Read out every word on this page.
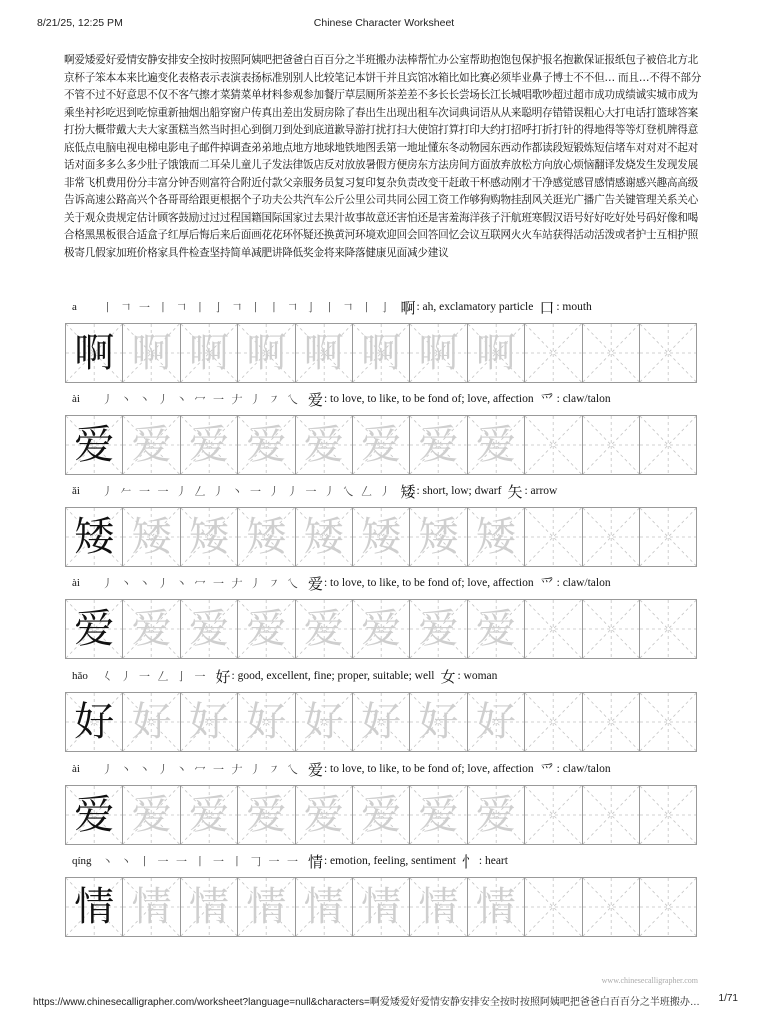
8/21/25, 12:25 PM	Chinese Character Worksheet
啊爱矮爱好爱情安静安排安全按时按照阿姨吧把爸爸白百百分之半班搬办法棒帮忙办公室帮助抱饱包保护报名抱歉保证报纸包子被倍北方北京杯子笨本本来比遍变化表格表示表演表扬标准别别人比较笔记本饼干并且宾馆冰箱比如比赛必须毕业鼻子博士不不但… 而且…不得不部分不管不过不好意思不仅不客气擦才菜猜菜单材料参观参加餐厅草层厕所茶差差不多长长尝场长江长城唱歌吵超过超市成功成绩诚实城市成为乘坐衬衫吃迟到吃惊重新抽烟出船穿窗户传真出差出发厨房除了春出生出现出租车次词典词语从从来聪明存错错误粗心大打电话打篮球答案打扮大概带戴大夫大家蛋糕当然当时担心到倒刀到处到底道歉导游打扰打扫大使馆打算打印大约打招呼打折打针的得地得等等灯登机牌得意底低点电脑电视电梯电影电子邮件掉调查弟弟地点地方地球地铁地图丢第一地址懂东冬动物园东西动作都读段短锻炼短信堵车对对对不起对话对面多多么多少肚子饿饿而二耳朵儿童儿子发法律饭店反对放放暑假方便房东方法房间方面放弃放松方向放心烦恼翻译发烧发生发现发展非常飞机费用份分丰富分钟否则富符合附近付款父亲服务员复习复印复杂负责改变干赶敢干杯感动刚才干净感觉感冒感情感谢感兴趣高高级告诉高速公路高兴个各哥哥给跟更根据个子功夫公共汽车公斤公里公司共同公园工资工作够狗购物挂刮风关逛光广播广告关键管理关系关心关于观众贵规定估计顾客鼓励过过过程国籍国际国家过去果汁故事故意还害怕还是害羞海洋孩子汗航班寒假汉语号好好吃好处号码好像和喝合格黑黑板很合适盒子红厚后悔后来后面画花花环怀疑还换黄河环境欢迎回会回答回忆会议互联网火火车站获得活动活泼或者护士互相护照极寄几假家加班价格家具件检查坚持简单减肥讲降低奖金将来降落健康见面减少建议
a	丨 𠃍 一 丨 𠃍 丨 亅 𠃍 丨 丨 𠃍 亅 丨 𠃍 丨 亅 啊 : ah, exclamatory particle 口 : mouth
啊 啊 啊 啊 啊 啊 啊 啊
ài	丿 丶 丶 丿 丶 冖 一 𠂇 丿 ㇇ 乀 爱 : to love, to like, to be fond of; love, affection 爫 : claw/talon
爱 爱 爱 爱 爱 爱 爱 爱
ǎi	丿 𠂉 一 一 丿 𠃋 丿 丶 一 丿 丿 一 丿 乀 𠃋 丿 矮 : short, low; dwarf 矢 : arrow
矮 矮 矮 矮 矮 矮 矮 矮
ài	丿 丶 丶 丿 丶 冖 一 𠂇 丿 ㇇ 乀 爱 : to love, to like, to be fond of; love, affection 爫 : claw/talon
爱 爱 爱 爱 爱 爱 爱 爱
hǎo	𡿨 丿 一 𠃋 亅 一 好 : good, excellent, fine; proper, suitable; well 女 : woman
好 好 好 好 好 好 好 好
ài	丿 丶 丶 丿 丶 冖 一 𠂇 丿 ㇇ 乀 爱 : to love, to like, to be fond of; love, affection 爫 : claw/talon
爱 爱 爱 爱 爱 爱 爱 爱
qíng 丶 丶 丨 一 一 丨 一 丨 𠃌 一 一 情 : emotion, feeling, sentiment 忄 : heart
情 情 情 情 情 情 情 情
www.chinesecalligrapher.com
https://www.chinesecalligrapher.com/worksheet?language=null&characters=啊爱矮爱好爱情安静安排安全按时按照阿姨吧把爸爸白百百分之半班搬办…	1/71
